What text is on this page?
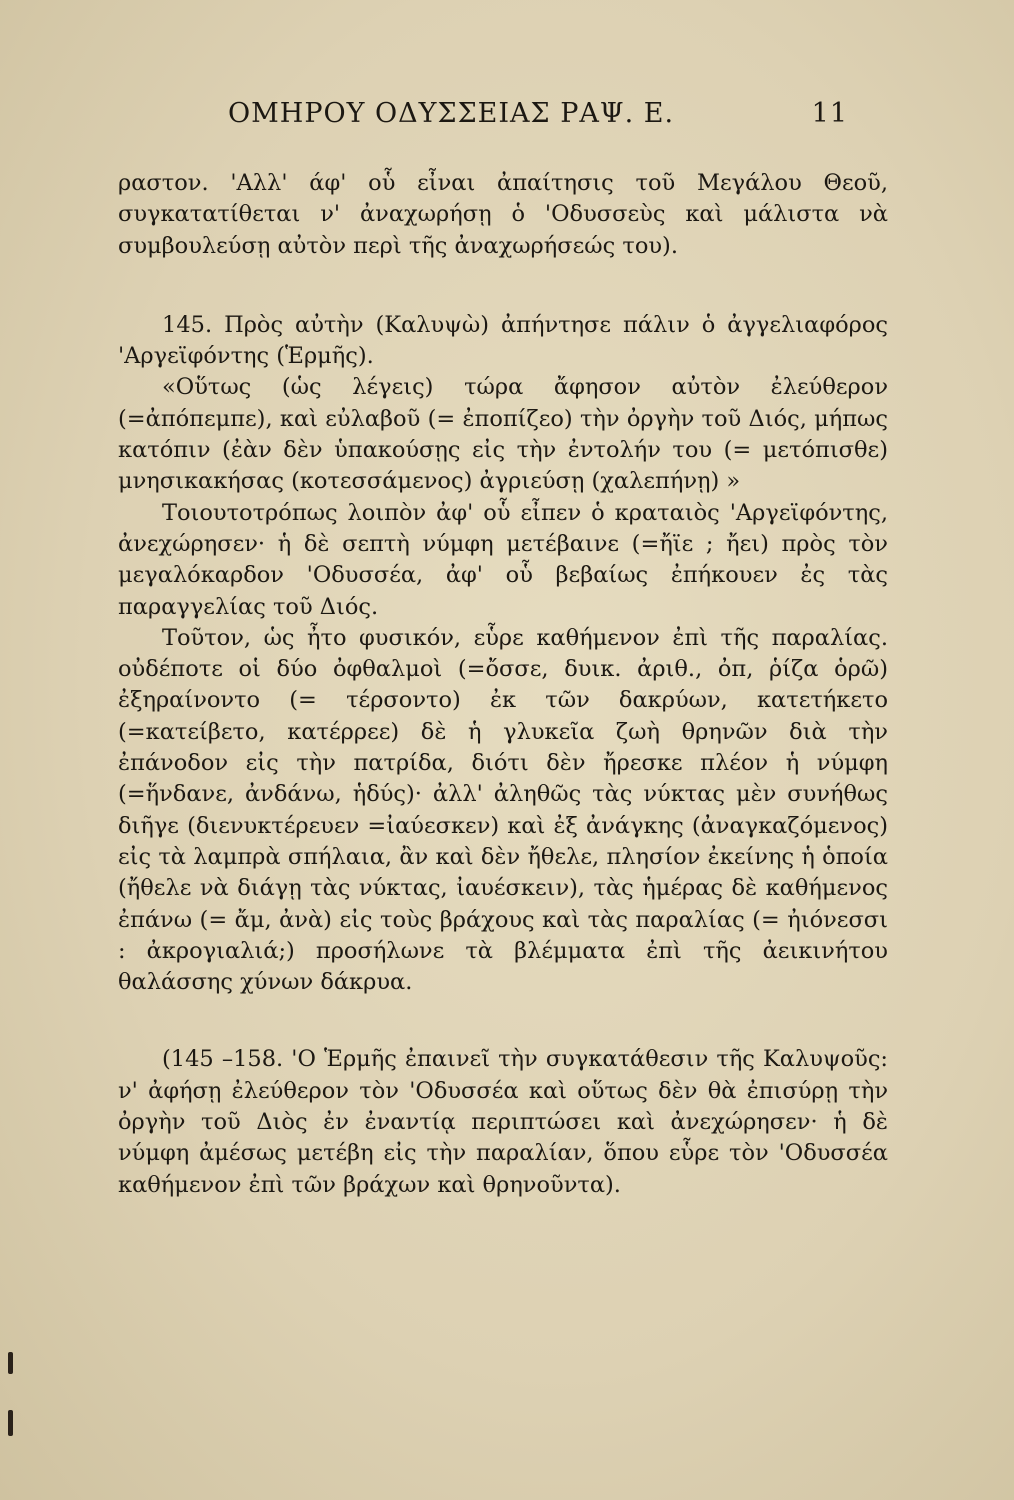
ΟΜΗΡΟΥ ΟΔΥΣΣΕΙΑΣ ΡΑΨ. Ε.	11

ραστον. 'Αλλ' άφ' οὗ εἶναι ἀπαίτησις τοῦ Μεγάλου Θεοῦ, συγκατατίθεται ν' ἀναχωρήσῃ ὁ 'Οδυσσεὺς καὶ μάλιστα νὰ συμβουλεύσῃ αὐτὸν περὶ τῆς ἀναχωρήσεώς του).

145. Πρὸς αὐτὴν (Καλυψὼ) ἀπήντησε πάλιν ὁ ἀγγελιαφόρος 'Αργεϊφόντης (Ἑρμῆς).

«Οὕτως (ὡς λέγεις) τώρα ἄφησον αὐτὸν ἐλεύθερον (=ἀπόπεμπε), καὶ εὐλαβοῦ (= ἐποπίζεο) τὴν ὀργὴν τοῦ Διός, μήπως κατόπιν (ἐὰν δὲν ὑπακούσῃς εἰς τὴν ἐντολήν του (= μετόπισθε) μνησικακήσας (κοτεσσάμενος) ἀγριεύσῃ (χαλεπήνῃ) »

Τοιουτοτρόπως λοιπὸν ἀφ' οὗ εἶπεν ὁ κραταιὸς 'Αργεϊφόντης, ἀνεχώρησεν· ἡ δὲ σεπτὴ νύμφη μετέβαινε (=ἤϊε ; ἤει) πρὸς τὸν μεγαλόκαρδον 'Οδυσσέα, ἀφ' οὗ βεβαίως ἐπήκουεν ἐς τὰς παραγγελίας τοῦ Διός.

Τοῦτον, ὡς ἦτο φυσικόν, εὗρε καθήμενον ἐπὶ τῆς παραλίας. οὐδέποτε οἱ δύο ὀφθαλμοὶ (=ὄσσε, δυικ. ἀριθ., ὀπ, ῥίζα ὁρῶ) ἐξηραίνοντο (= τέρσοντο) ἐκ τῶν δακρύων, κατετήκετο (=κατείβετο, κατέρρεε) δὲ ἡ γλυκεῖα ζωὴ θρηνῶν διὰ τὴν ἐπάνοδον εἰς τὴν πατρίδα, διότι δὲν ἤρεσκε πλέον ἡ νύμφη (=ἥνδανε, ἀνδάνω, ἡδύς)· ἀλλ' ἀληθῶς τὰς νύκτας μὲν συνήθως διῆγε (διενυκτέρευεν =ἰαύεσκεν) καὶ ἐξ ἀνάγκης (ἀναγκαζόμενος) εἰς τὰ λαμπρὰ σπήλαια, ἂν καὶ δὲν ἤθελε, πλησίον ἐκείνης ἡ ὁποία (ἤθελε νὰ διάγῃ τὰς νύκτας, ἰαυέσκειν), τὰς ἡμέρας δὲ καθήμενος ἐπάνω (= ἄμ, ἀνὰ) εἰς τοὺς βράχους καὶ τὰς παραλίας (= ἠιόνεσσι : ἀκρογιαλιά;) προσήλωνε τὰ βλέμματα ἐπὶ τῆς ἀεικινήτου θαλάσσης χύνων δάκρυα.

(145 –158. 'Ο Ἑρμῆς ἐπαινεῖ τὴν συγκατάθεσιν τῆς Καλυψοῦς: ν' ἀφήσῃ ἐλεύθερον τὸν 'Οδυσσέα καὶ οὕτως δὲν θὰ ἐπισύρῃ τὴν ὀργὴν τοῦ Διὸς ἐν ἐναντίᾳ περιπτώσει καὶ ἀνεχώρησεν· ἡ δὲ νύμφη ἀμέσως μετέβη εἰς τὴν παραλίαν, ὅπου εὗρε τὸν 'Οδυσσέα καθήμενον ἐπὶ τῶν βράχων καὶ θρηνοῦντα).
